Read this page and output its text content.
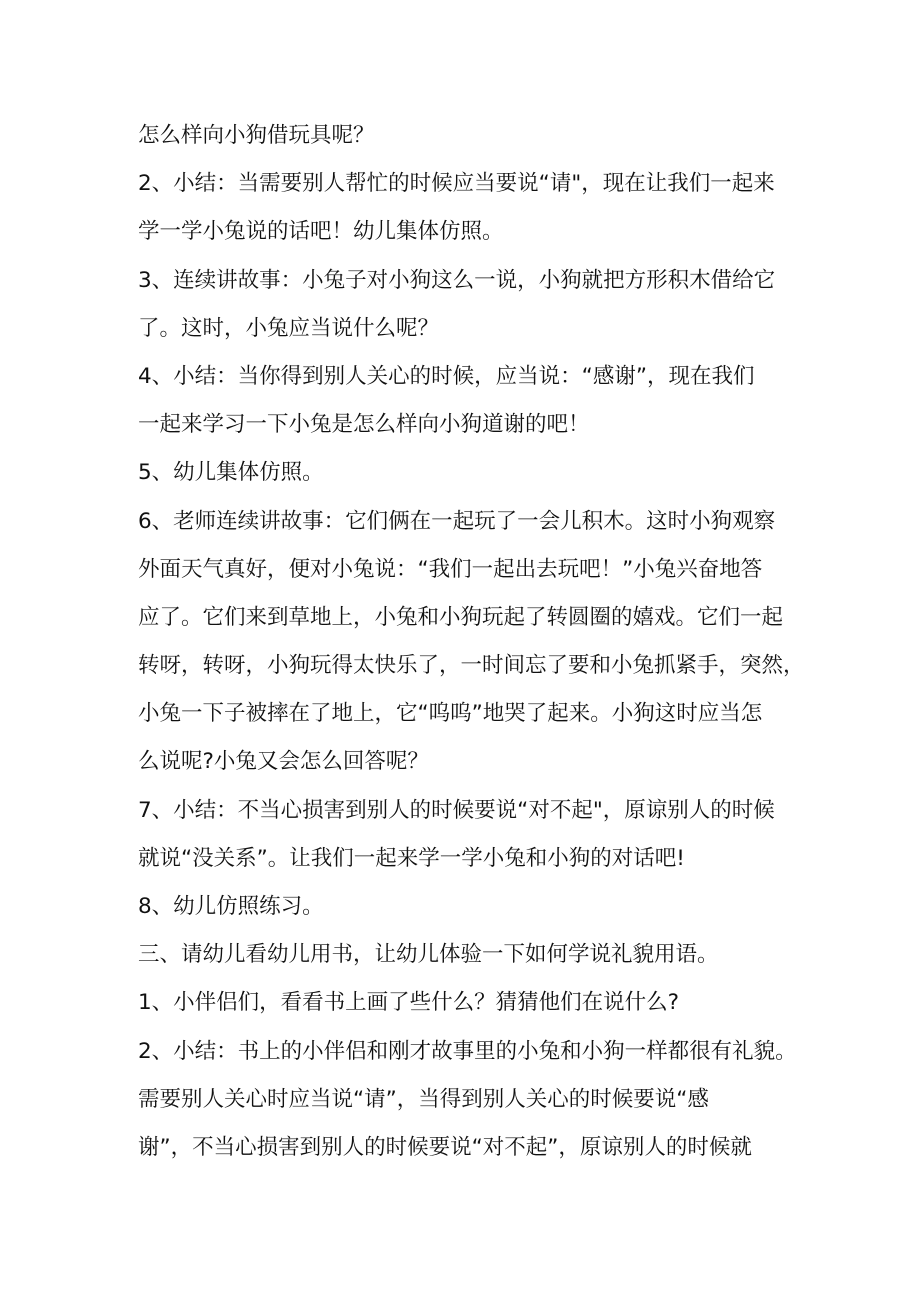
怎么样向小狗借玩具呢？
2、小结：当需要别人帮忙的时候应当要说“请"，现在让我们一起来
学一学小兔说的话吧！幼儿集体仿照。
3、连续讲故事：小兔子对小狗这么一说，小狗就把方形积木借给它
了。这时，小兔应当说什么呢？
4、小结：当你得到别人关心的时候，应当说：“感谢”，现在我们
一起来学习一下小兔是怎么样向小狗道谢的吧！
5、幼儿集体仿照。
6、老师连续讲故事：它们俩在一起玩了一会儿积木。这时小狗观察
外面天气真好，便对小兔说：“我们一起出去玩吧！”小兔兴奋地答
应了。它们来到草地上，小兔和小狗玩起了转圆圈的嬉戏。它们一起
转呀，转呀，小狗玩得太快乐了，一时间忘了要和小兔抓紧手，突然，
小兔一下子被摔在了地上，它“呜呜”地哭了起来。小狗这时应当怎
么说呢?小兔又会怎么回答呢？
7、小结：不当心损害到别人的时候要说“对不起"，原谅别人的时候
就说“没关系”。让我们一起来学一学小兔和小狗的对话吧!
8、幼儿仿照练习。
三、请幼儿看幼儿用书，让幼儿体验一下如何学说礼貌用语。
1、小伴侣们，看看书上画了些什么？猜猜他们在说什么?
2、小结：书上的小伴侣和刚才故事里的小兔和小狗一样都很有礼貌。
需要别人关心时应当说“请”，当得到别人关心的时候要说“感
谢”，不当心损害到别人的时候要说“对不起”，原谅别人的时候就
